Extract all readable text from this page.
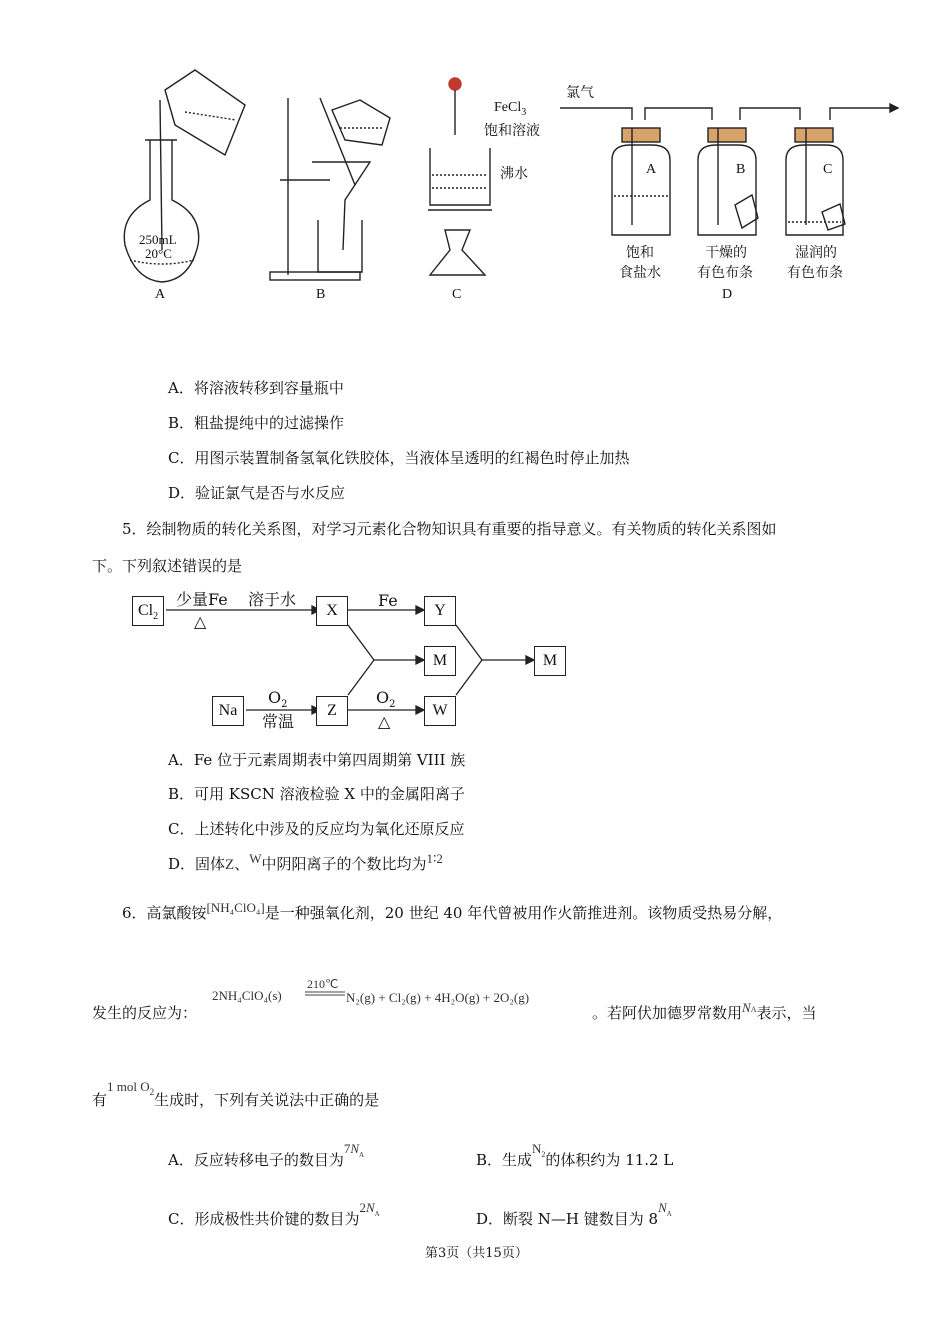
250mL
20°C
A	B
FeCl$_3$
饱和溶液
沸水
C
氯气
A	B	C
饱和
食盐水
干燥的
有色布条
湿润的
有色布条
D
A．将溶液转移到容量瓶中
B．粗盐提纯中的过滤操作
C．用图示装置制备氢氧化铁胶体，当液体呈透明的红褐色时停止加热
D．验证氯气是否与水反应
5．绘制物质的转化关系图，对学习元素化合物知识具有重要的指导意义。有关物质的转化关系图如
下。下列叙述错误的是
$Cl_2$
少量Fe
△
溶于水
X
Fe
Y
M	M
Na
$O_2$
常温
Z
$O_2$
△
W
A．Fe 位于元素周期表中第四周期第 VIII 族
B．可用 KSCN 溶液检验 X 中的金属阳离子
C．上述转化中涉及的反应均为氧化还原反应
D．固体Z、W中阴阳离子的个数比均为1∶2
6．高氯酸铵[NH₄ClO₄]是一种强氧化剂，20 世纪 40 年代曾被用作火箭推进剂。该物质受热易分解，
2NH₄ClO₄(s)
210℃
N₂(g) + Cl₂(g) + 4H₂O(g) + 2O₂(g)
发生的反应为：	。若阿伏加德罗常数用$N^A$表示，当
有1 mol $O^2$生成时，下列有关说法中正确的是
A．反应转移电子的数目为$7N^A$	B．生成$N^2$的体积约为 11.2 L
C．形成极性共价键的数目为$2N^A$	D．断裂 N—H 键数目为 $8N^A$
第3页（共15页）
